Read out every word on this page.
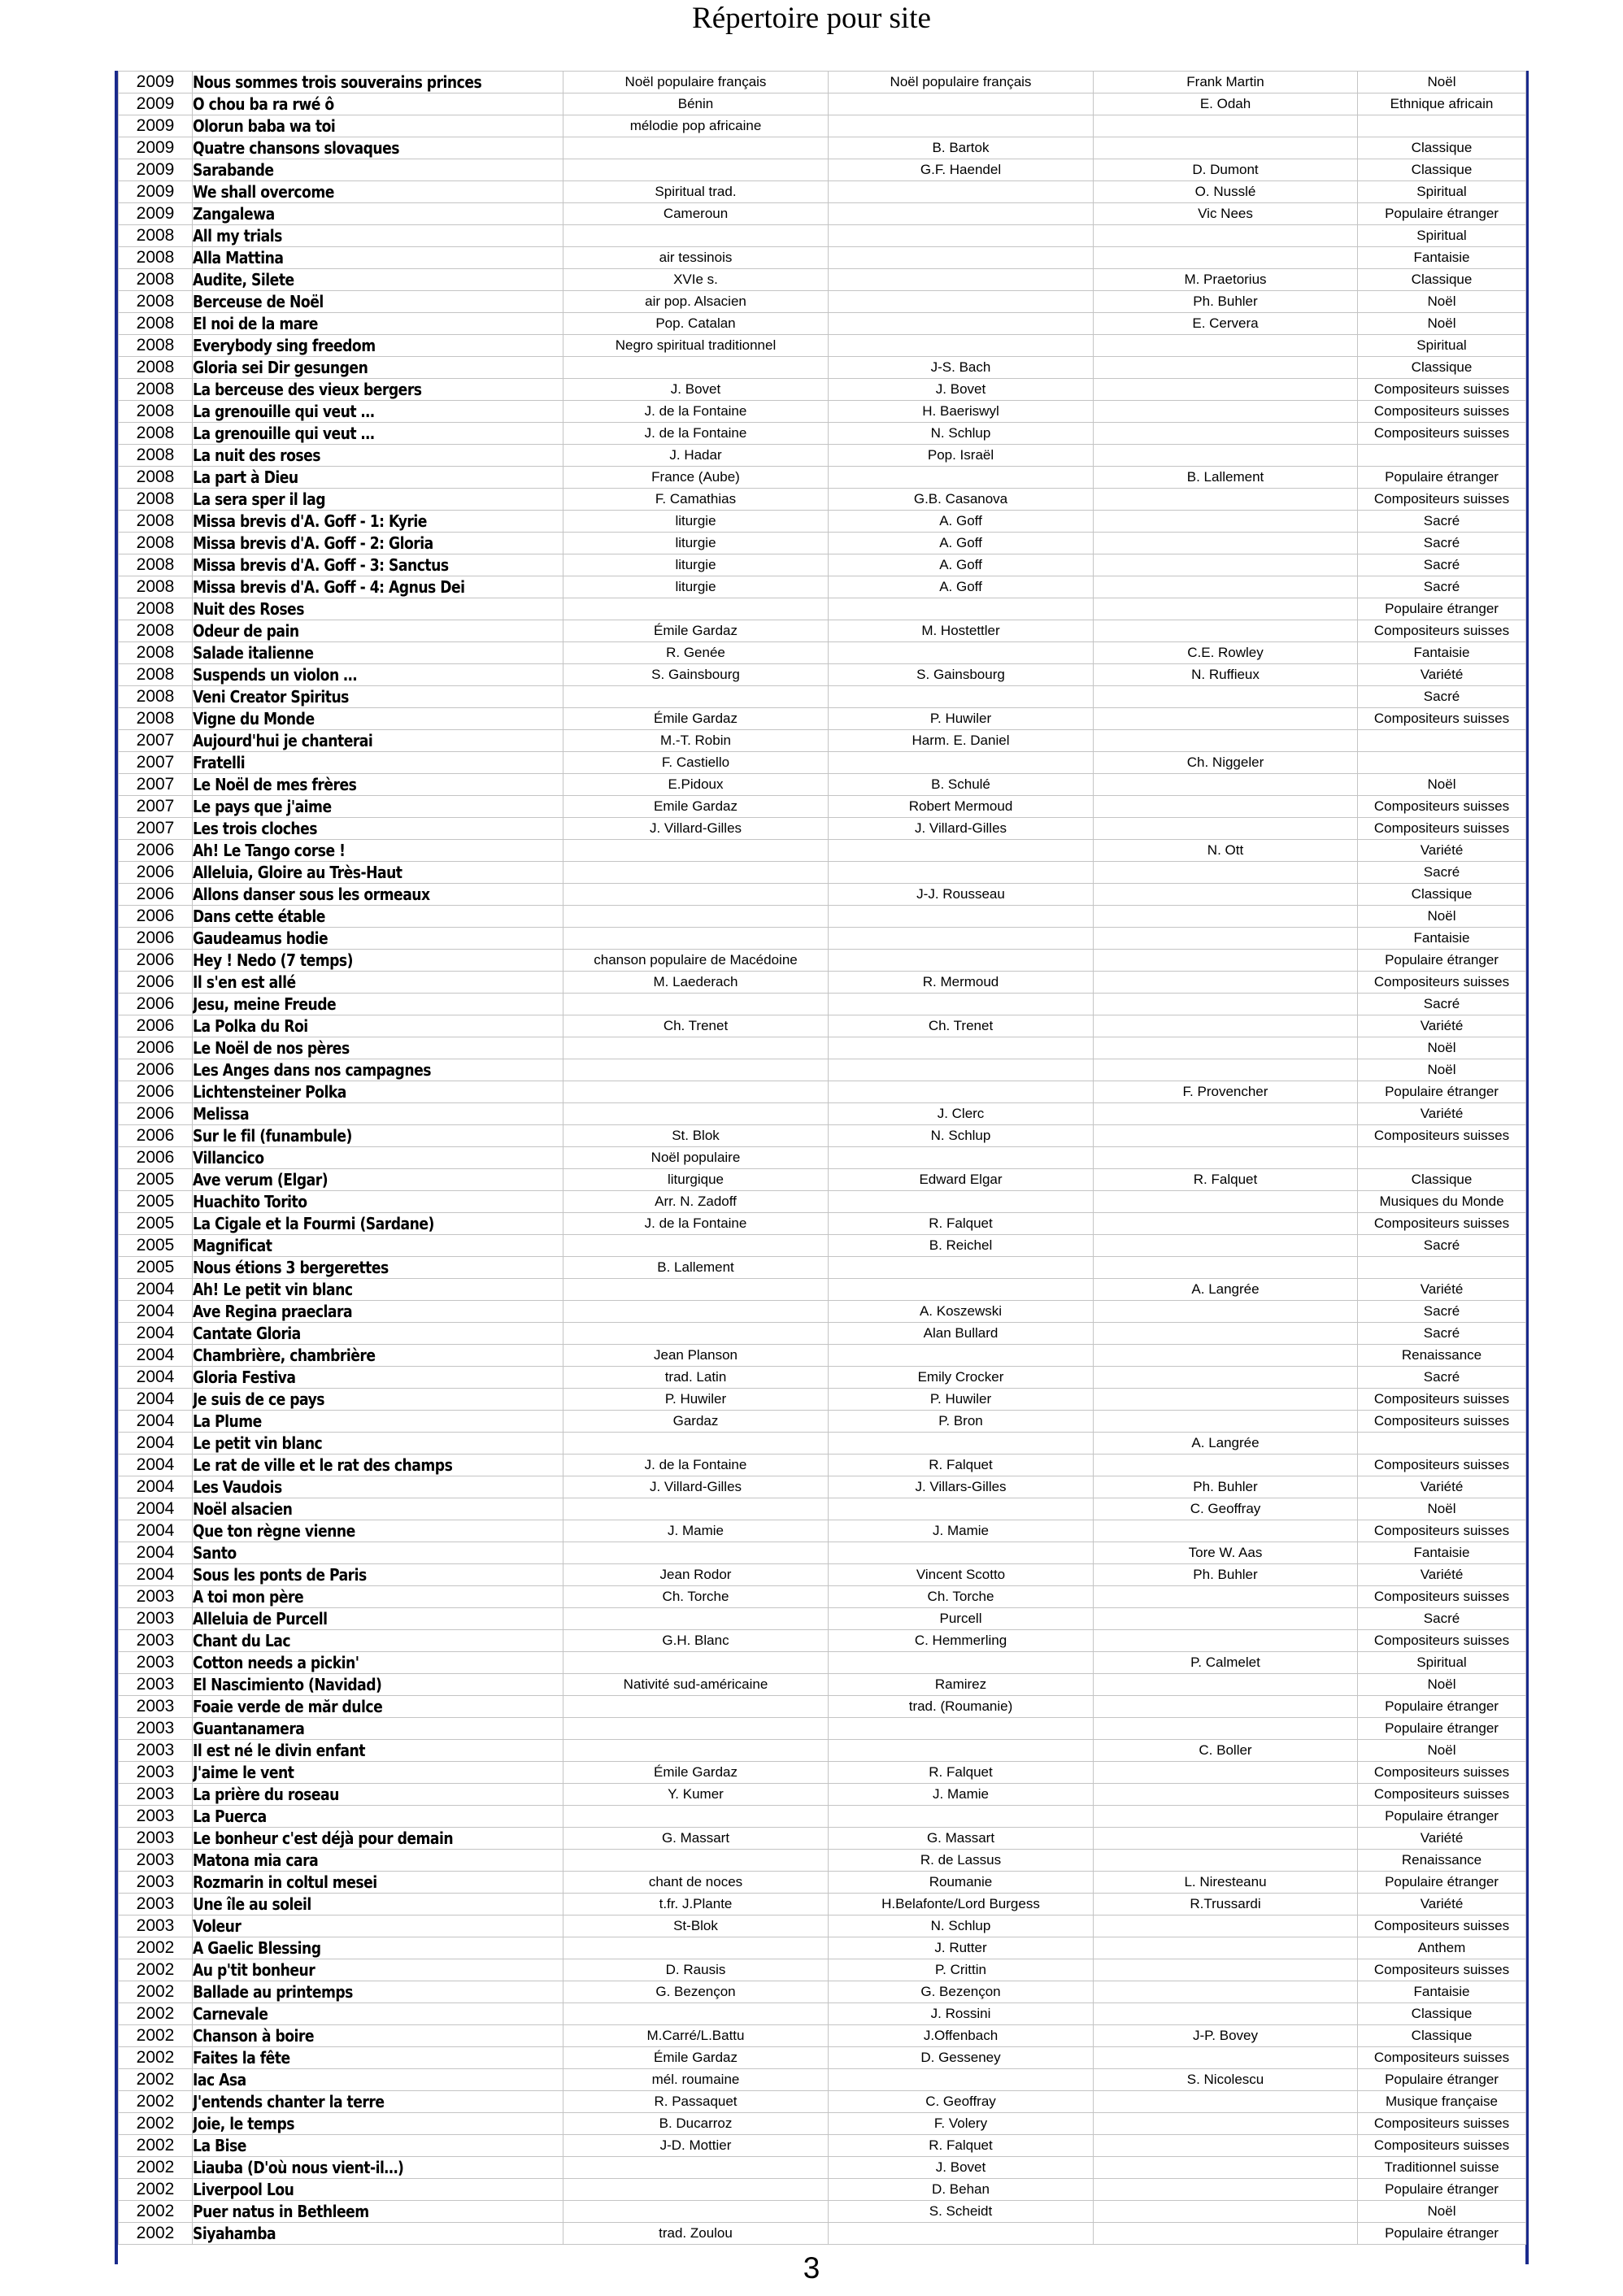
Répertoire pour site
2009	Nous sommes trois souverains princes	Noël populaire français	Noël populaire français	Frank Martin	Noël
2009	O chou ba ra rwé ô	Bénin		E. Odah	Ethnique africain
2009	Olorun baba wa toi	mélodie pop africaine			
2009	Quatre chansons slovaques		B. Bartok		Classique
2009	Sarabande		G.F. Haendel	D. Dumont	Classique
2009	We shall overcome	Spiritual trad.		O. Nusslé	Spiritual
2009	Zangalewa	Cameroun		Vic Nees	Populaire étranger
2008	All my trials				Spiritual
2008	Alla Mattina	air tessinois			Fantaisie
2008	Audite, Silete	XVIe s.		M. Praetorius	Classique
2008	Berceuse de Noël	air pop. Alsacien		Ph. Buhler	Noël
2008	El noi de la mare	Pop. Catalan		E. Cervera	Noël
2008	Everybody sing freedom	Negro spiritual traditionnel			Spiritual
2008	Gloria sei Dir gesungen		J-S. Bach		Classique
2008	La berceuse des vieux bergers	J. Bovet	J. Bovet		Compositeurs suisses
2008	La grenouille qui veut …	J. de la Fontaine	H. Baeriswyl		Compositeurs suisses
2008	La grenouille qui veut …	J. de la Fontaine	N. Schlup		Compositeurs suisses
2008	La nuit des roses	J. Hadar	Pop. Israël		
2008	La part à Dieu	France (Aube)		B. Lallement	Populaire étranger
2008	La sera sper il lag	F. Camathias	G.B. Casanova		Compositeurs suisses
2008	Missa brevis d'A. Goff - 1: Kyrie	liturgie	A. Goff		Sacré
2008	Missa brevis d'A. Goff - 2: Gloria	liturgie	A. Goff		Sacré
2008	Missa brevis d'A. Goff - 3: Sanctus	liturgie	A. Goff		Sacré
2008	Missa brevis d'A. Goff - 4: Agnus Dei	liturgie	A. Goff		Sacré
2008	Nuit des Roses				Populaire étranger
2008	Odeur de pain	Émile Gardaz	M. Hostettler		Compositeurs suisses
2008	Salade italienne	R. Genée		C.E. Rowley	Fantaisie
2008	Suspends un violon …	S. Gainsbourg	S. Gainsbourg	N. Ruffieux	Variété
2008	Veni Creator Spiritus				Sacré
2008	Vigne du Monde	Émile Gardaz	P. Huwiler		Compositeurs suisses
2007	Aujourd'hui je chanterai	M.-T. Robin	Harm. E. Daniel		
2007	Fratelli	F. Castiello		Ch. Niggeler	
2007	Le Noël de mes frères	E.Pidoux	B. Schulé		Noël
2007	Le pays que j'aime	Emile Gardaz	Robert Mermoud		Compositeurs suisses
2007	Les trois cloches	J. Villard-Gilles	J. Villard-Gilles		Compositeurs suisses
2006	Ah! Le Tango corse !			N. Ott	Variété
2006	Alleluia, Gloire au Très-Haut				Sacré
2006	Allons danser sous les ormeaux		J-J. Rousseau		Classique
2006	Dans cette étable				Noël
2006	Gaudeamus hodie				Fantaisie
2006	Hey ! Nedo (7 temps)	chanson populaire de Macédoine			Populaire étranger
2006	Il s'en est allé	M. Laederach	R. Mermoud		Compositeurs suisses
2006	Jesu, meine Freude				Sacré
2006	La Polka du Roi	Ch. Trenet	Ch. Trenet		Variété
2006	Le Noël de nos pères				Noël
2006	Les Anges dans nos campagnes				Noël
2006	Lichtensteiner Polka			F. Provencher	Populaire étranger
2006	Melissa		J. Clerc		Variété
2006	Sur le fil (funambule)	St. Blok	N. Schlup		Compositeurs suisses
2006	Villancico	Noël populaire			
2005	Ave verum (Elgar)	liturgique	Edward Elgar	R. Falquet	Classique
2005	Huachito Torito	Arr. N. Zadoff			Musiques du Monde
2005	La Cigale et la Fourmi (Sardane)	J. de la Fontaine	R. Falquet		Compositeurs suisses
2005	Magnificat		B. Reichel		Sacré
2005	Nous étions 3 bergerettes	B. Lallement			
2004	Ah! Le petit vin blanc			A. Langrée	Variété
2004	Ave Regina praeclara		A. Koszewski		Sacré
2004	Cantate Gloria		Alan Bullard		Sacré
2004	Chambrière, chambrière	Jean Planson			Renaissance
2004	Gloria Festiva	trad. Latin	Emily Crocker		Sacré
2004	Je suis de ce pays	P. Huwiler	P. Huwiler		Compositeurs suisses
2004	La Plume	Gardaz	P. Bron		Compositeurs suisses
2004	Le petit vin blanc			A. Langrée	
2004	Le rat de ville et le rat des champs	J. de la Fontaine	R. Falquet		Compositeurs suisses
2004	Les Vaudois	J. Villard-Gilles	J. Villars-Gilles	Ph. Buhler	Variété
2004	Noël alsacien			C. Geoffray	Noël
2004	Que ton règne vienne	J. Mamie	J. Mamie		Compositeurs suisses
2004	Santo			Tore W. Aas	Fantaisie
2004	Sous les ponts de Paris	Jean Rodor	Vincent Scotto	Ph. Buhler	Variété
2003	A toi mon père	Ch. Torche	Ch. Torche		Compositeurs suisses
2003	Alleluia de Purcell		Purcell		Sacré
2003	Chant du Lac	G.H. Blanc	C. Hemmerling		Compositeurs suisses
2003	Cotton needs a pickin'			P. Calmelet	Spiritual
2003	El Nascimiento (Navidad)	Nativité sud-américaine	Ramirez		Noël
2003	Foaie verde de măr dulce		trad. (Roumanie)		Populaire étranger
2003	Guantanamera				Populaire étranger
2003	Il est né le divin enfant			C. Boller	Noël
2003	J'aime le vent	Émile Gardaz	R. Falquet		Compositeurs suisses
2003	La prière du roseau	Y. Kumer	J. Mamie		Compositeurs suisses
2003	La Puerca				Populaire étranger
2003	Le bonheur c'est déjà pour demain	G. Massart	G. Massart		Variété
2003	Matona mia cara		R. de Lassus		Renaissance
2003	Rozmarin in coltul mesei	chant de noces	Roumanie	L. Niresteanu	Populaire étranger
2003	Une île au soleil	t.fr. J.Plante	H.Belafonte/Lord Burgess	R.Trussardi	Variété
2003	Voleur	St-Blok	N. Schlup		Compositeurs suisses
2002	A Gaelic Blessing		J. Rutter		Anthem
2002	Au p'tit bonheur	D. Rausis	P. Crittin		Compositeurs suisses
2002	Ballade au printemps	G. Bezençon	G. Bezençon		Fantaisie
2002	Carnevale		J. Rossini		Classique
2002	Chanson à boire	M.Carré/L.Battu	J.Offenbach	J-P. Bovey	Classique
2002	Faites la fête	Émile Gardaz	D. Gesseney		Compositeurs suisses
2002	Iac Asa	mél. roumaine		S. Nicolescu	Populaire étranger
2002	J'entends chanter la terre	R. Passaquet	C. Geoffray		Musique française
2002	Joie, le temps	B. Ducarroz	F. Volery		Compositeurs suisses
2002	La Bise	J-D. Mottier	R. Falquet		Compositeurs suisses
2002	Liauba (D'où nous vient-il…)		J. Bovet		Traditionnel suisse
2002	Liverpool Lou		D. Behan		Populaire étranger
2002	Puer natus in Bethleem		S. Scheidt		Noël
2002	Siyahamba	trad. Zoulou			Populaire étranger
3
